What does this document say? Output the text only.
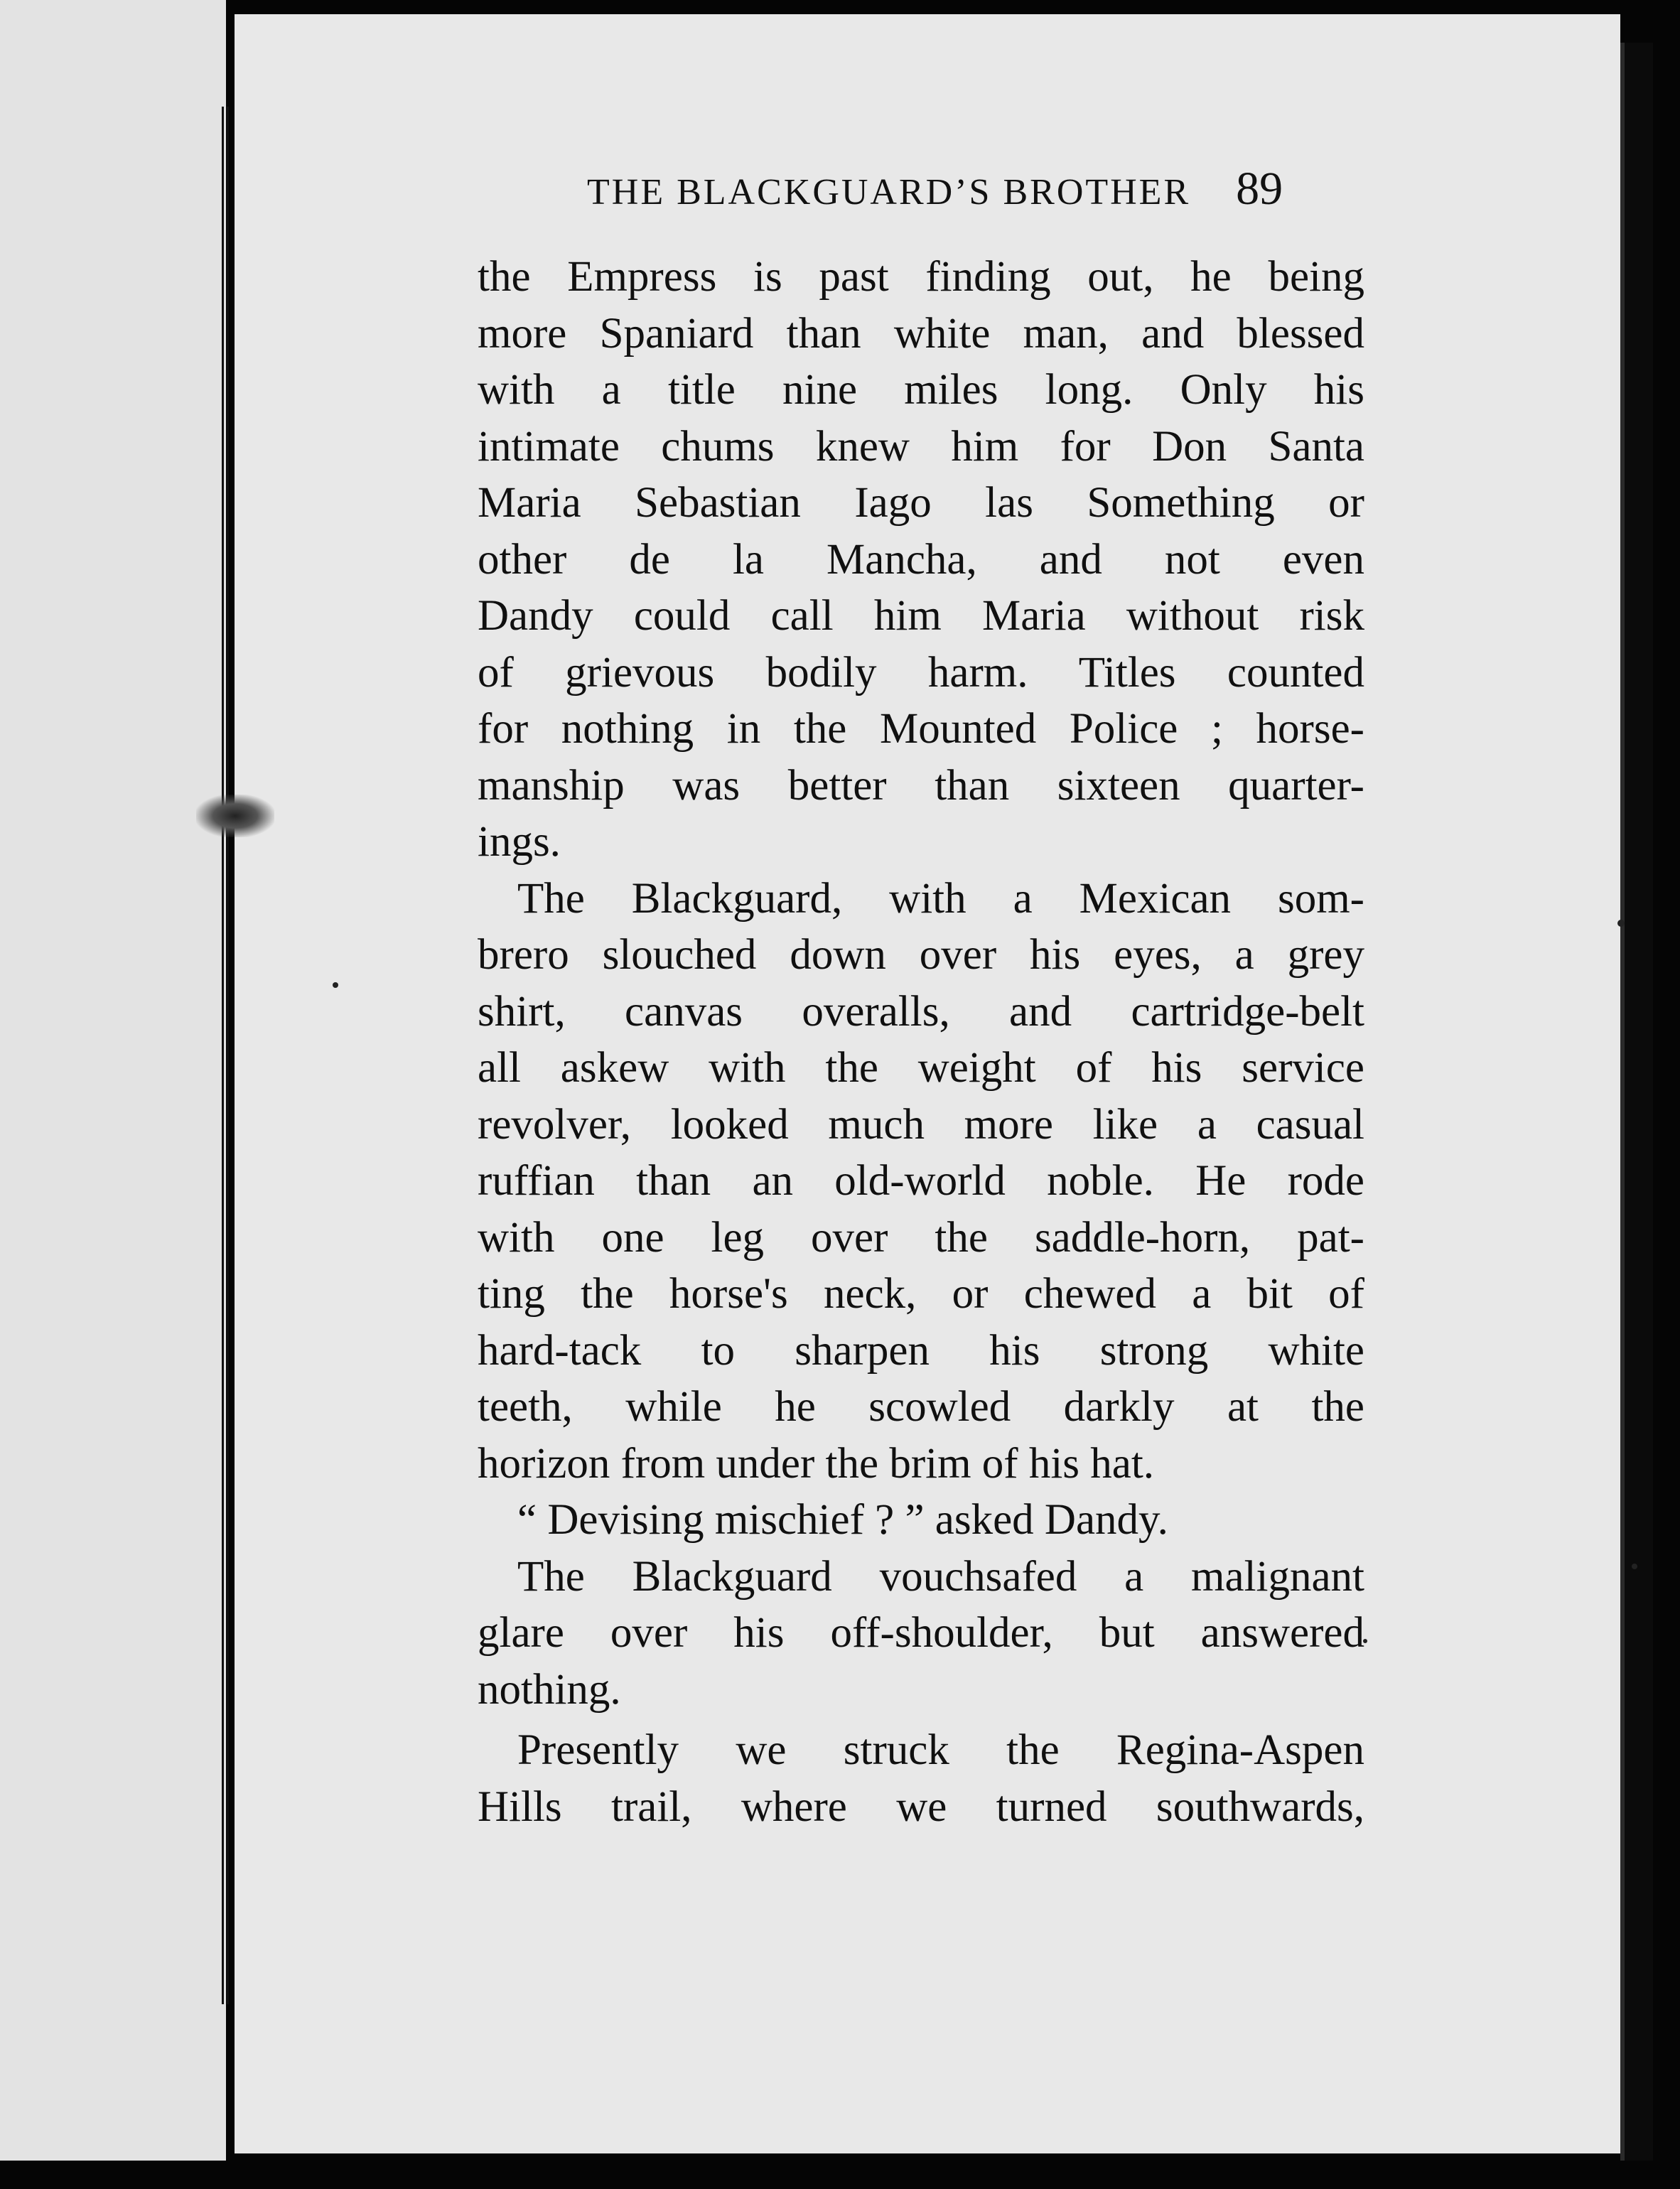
THE BLACKGUARD’S BROTHER 89
the Empress is past finding out, he being
more Spaniard than white man, and blessed
with a title nine miles long. Only his
intimate chums knew him for Don Santa
Maria Sebastian Iago las Something or
other de la Mancha, and not even
Dandy could call him Maria without risk
of grievous bodily harm. Titles counted
for nothing in the Mounted Police ; horse-
manship was better than sixteen quarter-
ings.
The Blackguard, with a Mexican som-
brero slouched down over his eyes, a grey
shirt, canvas overalls, and cartridge-belt
all askew with the weight of his service
revolver, looked much more like a casual
ruffian than an old-world noble. He rode
with one leg over the saddle-horn, pat-
ting the horse's neck, or chewed a bit of
hard-tack to sharpen his strong white
teeth, while he scowled darkly at the
horizon from under the brim of his hat.
“ Devising mischief ? ” asked Dandy.
The Blackguard vouchsafed a malignant
glare over his off-shoulder, but answered
nothing.
Presently we struck the Regina-Aspen
Hills trail, where we turned southwards,
